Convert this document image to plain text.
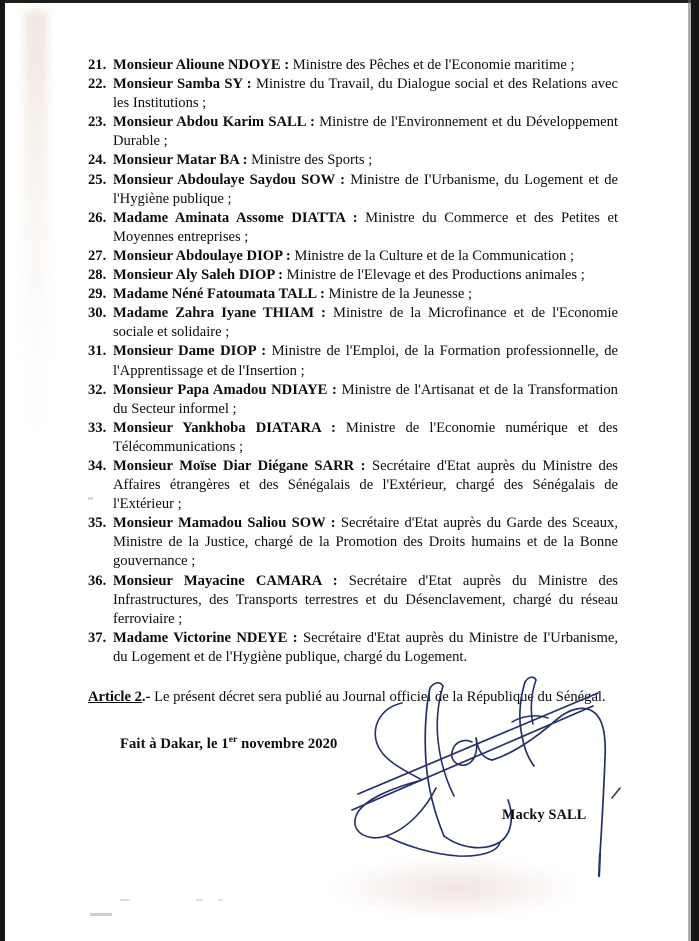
21. Monsieur Alioune NDOYE : Ministre des Pêches et de l'Economie maritime ;
22. Monsieur Samba SY : Ministre du Travail, du Dialogue social et des Relations avec les Institutions ;
23. Monsieur Abdou Karim SALL : Ministre de l'Environnement et du Développement Durable ;
24. Monsieur Matar BA : Ministre des Sports ;
25. Monsieur Abdoulaye Saydou SOW : Ministre de I'Urbanisme, du Logement et de l'Hygiène publique ;
26. Madame Aminata Assome DIATTA : Ministre du Commerce et des Petites et Moyennes entreprises ;
27. Monsieur Abdoulaye DIOP : Ministre de la Culture et de la Communication ;
28. Monsieur Aly Saleh DIOP : Ministre de l'Elevage et des Productions animales ;
29. Madame Néné Fatoumata TALL : Ministre de la Jeunesse ;
30. Madame Zahra Iyane THIAM : Ministre de la Microfinance et de l'Economie sociale et solidaire ;
31. Monsieur Dame DIOP : Ministre de l'Emploi, de la Formation professionnelle, de l'Apprentissage et de l'Insertion ;
32. Monsieur Papa Amadou NDIAYE : Ministre de l'Artisanat et de la Transformation du Secteur informel ;
33. Monsieur Yankhoba DIATARA : Ministre de l'Economie numérique et des Télécommunications ;
34. Monsieur Moïse Diar Diégane SARR : Secrétaire d'Etat auprès du Ministre des Affaires étrangères et des Sénégalais de l'Extérieur, chargé des Sénégalais de l'Extérieur ;
35. Monsieur Mamadou Saliou SOW : Secrétaire d'Etat auprès du Garde des Sceaux, Ministre de la Justice, chargé de la Promotion des Droits humains et de la Bonne gouvernance ;
36. Monsieur Mayacine CAMARA : Secrétaire d'Etat auprès du Ministre des Infrastructures, des Transports terrestres et du Désenclavement, chargé du réseau ferroviaire ;
37. Madame Victorine NDEYE : Secrétaire d'Etat auprès du Ministre de I'Urbanisme, du Logement et de l'Hygiène publique, chargé du Logement.

Article 2.- Le présent décret sera publié au Journal officiel de la République du Sénégal.

Fait à Dakar, le 1er novembre 2020

Macky SALL
